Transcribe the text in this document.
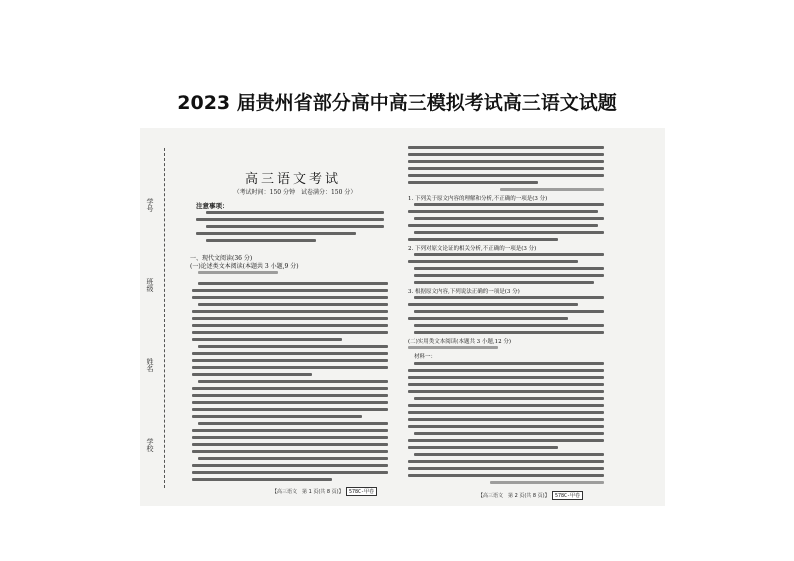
2023 届贵州省部分高中高三模拟考试高三语文试题
学号
班级
姓名
学校
高三语文考试
（考试时间：150 分钟　试卷满分：150 分）
注意事项：
一、现代文阅读(36 分)
(一)论述类文本阅读(本题共 3 小题,9 分)
【高三语文　第 1 页(共 8 页)】	578C-甲卷
1. 下列关于原文内容的理解和分析,不正确的一项是(3 分)
2. 下列对原文论证的相关分析,不正确的一项是(3 分)
3. 根据原文内容,下列说法正确的一项是(3 分)
(二)实用类文本阅读(本题共 3 小题,12 分)
材料一：
【高三语文　第 2 页(共 8 页)】	578C-甲卷
